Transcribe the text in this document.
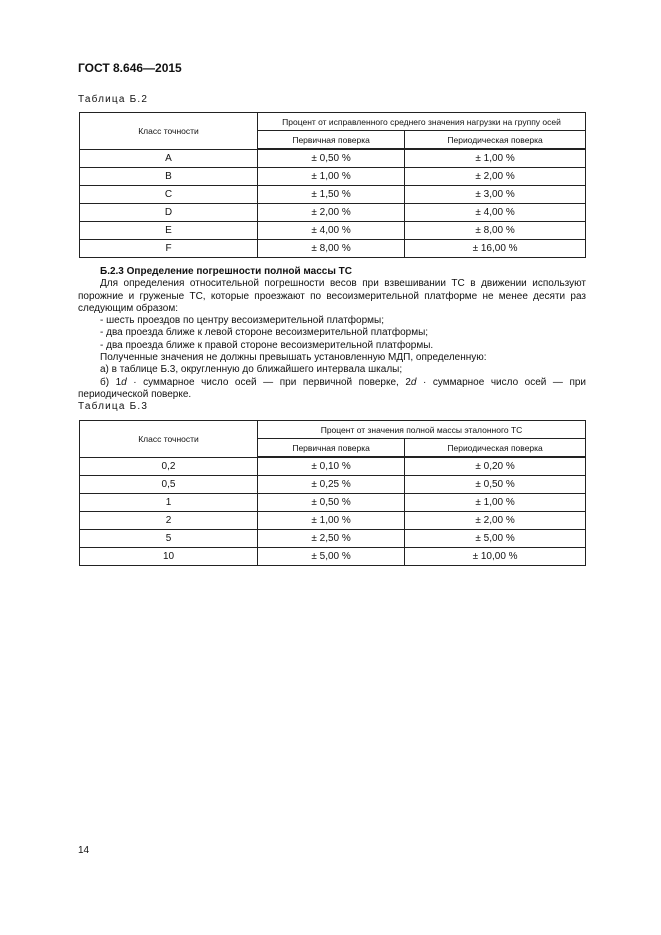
ГОСТ 8.646—2015
Таблица Б.2
Класс точности	Процент от исправленного среднего значения нагрузки на группу осей	
	Первичная поверка	Периодическая поверка
A	± 0,50 %	± 1,00 %
B	± 1,00 %	± 2,00 %
C	± 1,50 %	± 3,00 %
D	± 2,00 %	± 4,00 %
E	± 4,00 %	± 8,00 %
F	± 8,00 %	± 16,00 %

Б.2.3 Определение погрешности полной массы ТС

Для определения относительной погрешности весов при взвешивании ТС в движении используют порожние и груженые ТС, которые проезжают по весоизмерительной платформе не менее десяти раз следующим образом:

- шесть проездов по центру весоизмерительной платформы;

- два проезда ближе к левой стороне весоизмерительной платформы;

- два проезда ближе к правой стороне весоизмерительной платформы.

Полученные значения не должны превышать установленную МДП, определенную:

а) в таблице Б.3, округленную до ближайшего интервала шкалы;

б) 1d · суммарное число осей — при первичной поверке, 2d · суммарное число осей — при периодической поверке.

Таблица Б.3
Класс точности	Процент от значения полной массы эталонного ТС	
	Первичная поверка	Периодическая поверка
0,2	± 0,10 %	± 0,20 %
0,5	± 0,25 %	± 0,50 %
1	± 0,50 %	± 1,00 %
2	± 1,00 %	± 2,00 %
5	± 2,50 %	± 5,00 %
10	± 5,00 %	± 10,00 %
14
